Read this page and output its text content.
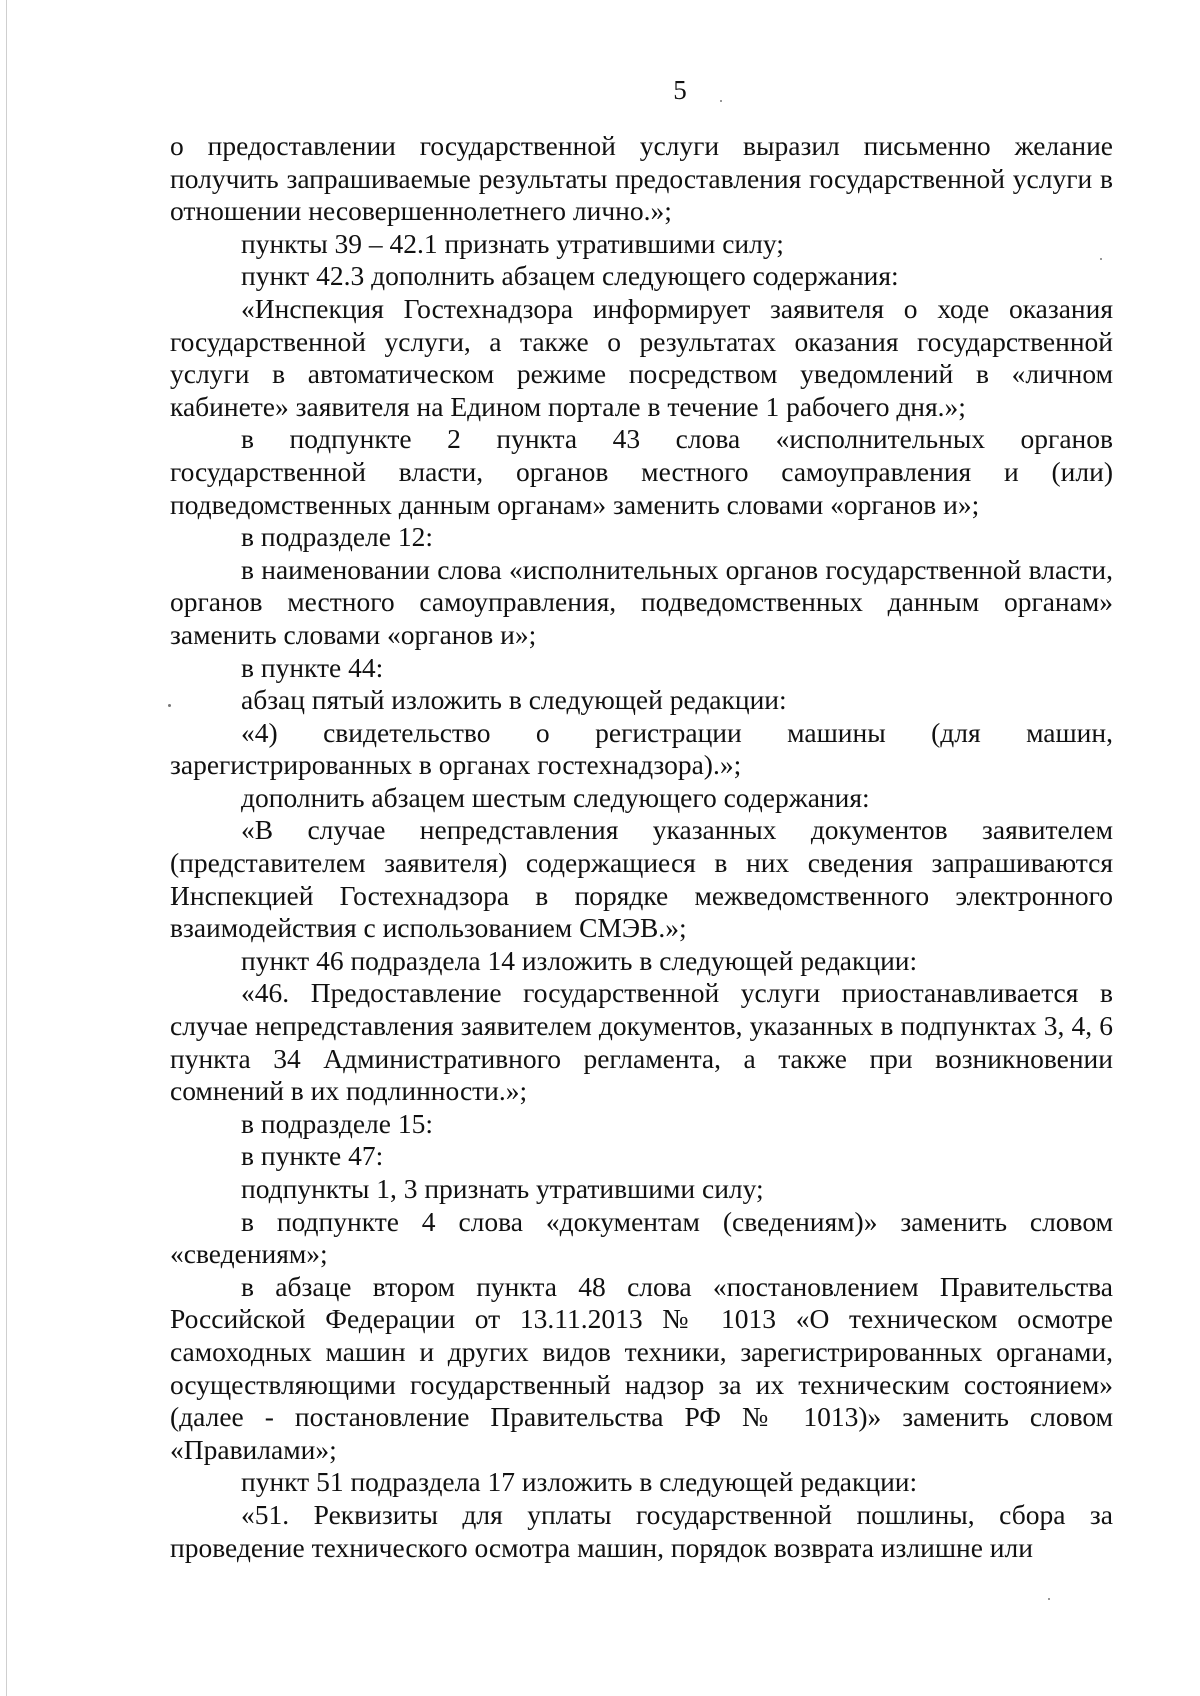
5

о предоставлении государственной услуги выразил письменно желание получить запрашиваемые результаты предоставления государственной услуги в отношении несовершеннолетнего лично.»;

пункты 39 – 42.1 признать утратившими силу;

пункт 42.3 дополнить абзацем следующего содержания:

«Инспекция Гостехнадзора информирует заявителя о ходе оказания государственной услуги, а также о результатах оказания государственной услуги в автоматическом режиме посредством уведомлений в «личном кабинете» заявителя на Едином портале в течение 1 рабочего дня.»;

в подпункте 2 пункта 43 слова «исполнительных органов государственной власти, органов местного самоуправления и (или) подведомственных данным органам» заменить словами «органов и»;

в подразделе 12:

в наименовании слова «исполнительных органов государственной власти, органов местного самоуправления, подведомственных данным органам» заменить словами «органов и»;

в пункте 44:

абзац пятый изложить в следующей редакции:

«4) свидетельство о регистрации машины (для машин, зарегистрированных в органах гостехнадзора).»;

дополнить абзацем шестым следующего содержания:

«В случае непредставления указанных документов заявителем (представителем заявителя) содержащиеся в них сведения запрашиваются Инспекцией Гостехнадзора в порядке межведомственного электронного взаимодействия с использованием СМЭВ.»;

пункт 46 подраздела 14 изложить в следующей редакции:

«46. Предоставление государственной услуги приостанавливается в случае непредставления заявителем документов, указанных в подпунктах 3, 4, 6 пункта 34 Административного регламента, а также при возникновении сомнений в их подлинности.»;

в подразделе 15:

в пункте 47:

подпункты 1, 3 признать утратившими силу;

в подпункте 4 слова «документам (сведениям)» заменить словом «сведениям»;

в абзаце втором пункта 48 слова «постановлением Правительства Российской Федерации от 13.11.2013 № 1013 «О техническом осмотре самоходных машин и других видов техники, зарегистрированных органами, осуществляющими государственный надзор за их техническим состоянием» (далее - постановление Правительства РФ № 1013)» заменить словом «Правилами»;

пункт 51 подраздела 17 изложить в следующей редакции:

«51. Реквизиты для уплаты государственной пошлины, сбора за проведение технического осмотра машин, порядок возврата излишне или
